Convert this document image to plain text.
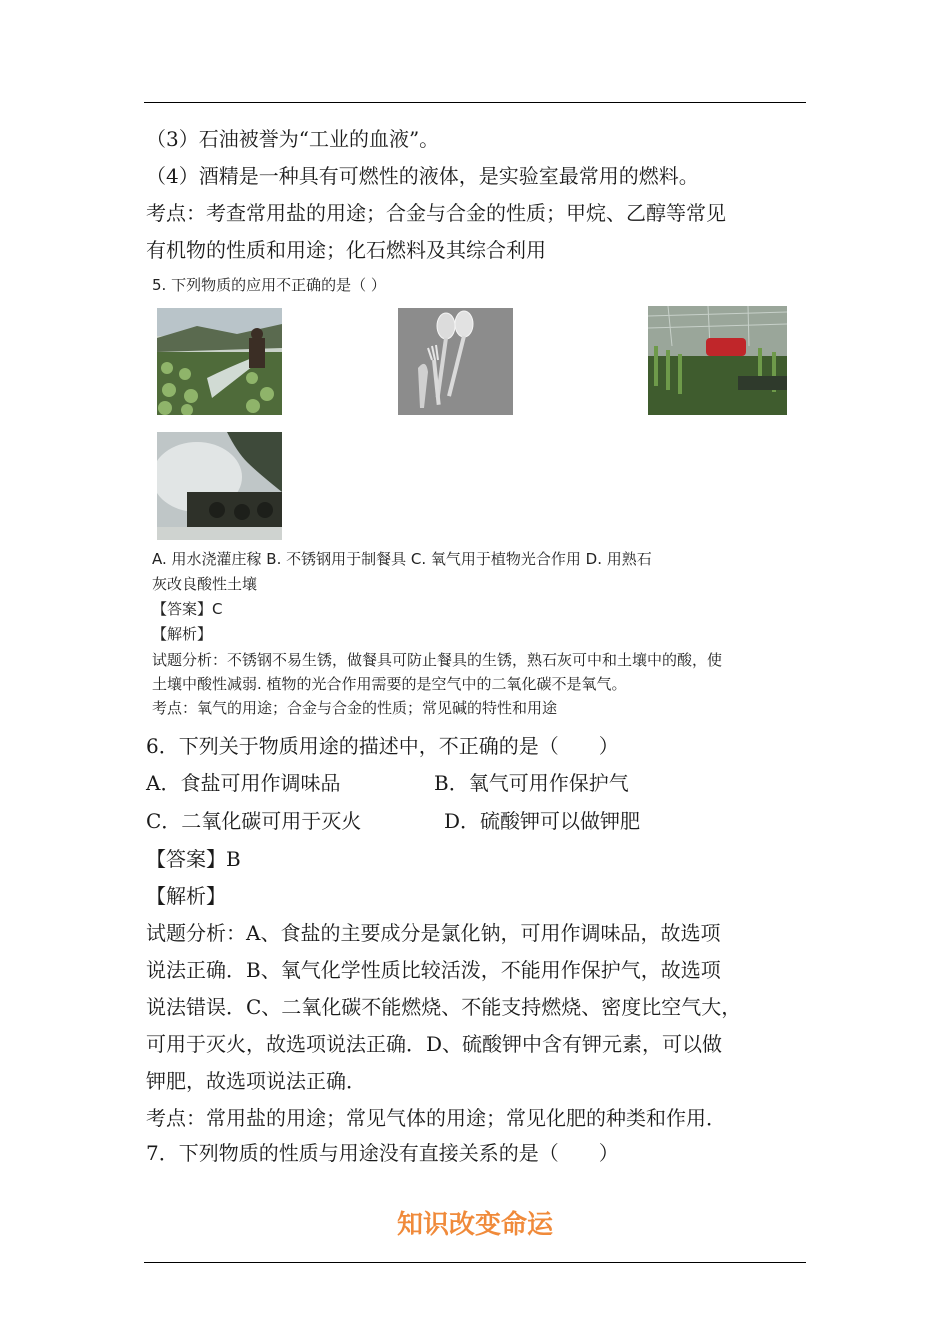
（3）石油被誉为“工业的血液”。
（4）酒精是一种具有可燃性的液体，是实验室最常用的燃料。
考点：考查常用盐的用途；合金与合金的性质；甲烷、乙醇等常见
有机物的性质和用途；化石燃料及其综合利用
5. 下列物质的应用不正确的是（ ）
A. 用水浇灌庄稼 B. 不锈钢用于制餐具 C. 氧气用于植物光合作用 D. 用熟石
灰改良酸性土壤
【答案】C
【解析】
试题分析：不锈钢不易生锈，做餐具可防止餐具的生锈，熟石灰可中和土壤中的酸，使
土壤中酸性减弱. 植物的光合作用需要的是空气中的二氧化碳不是氧气。
考点：氧气的用途；合金与合金的性质；常见碱的特性和用途
6．下列关于物质用途的描述中，不正确的是（　　）
A．食盐可用作调味品	B．氧气可用作保护气
C．二氧化碳可用于灭火	D．硫酸钾可以做钾肥
【答案】B
【解析】
试题分析：A、食盐的主要成分是氯化钠，可用作调味品，故选项
说法正确．B、氧气化学性质比较活泼，不能用作保护气，故选项
说法错误．C、二氧化碳不能燃烧、不能支持燃烧、密度比空气大，
可用于灭火，故选项说法正确．D、硫酸钾中含有钾元素，可以做
钾肥，故选项说法正确．
考点：常用盐的用途；常见气体的用途；常见化肥的种类和作用．
7．下列物质的性质与用途没有直接关系的是（　　）
知识改变命运
